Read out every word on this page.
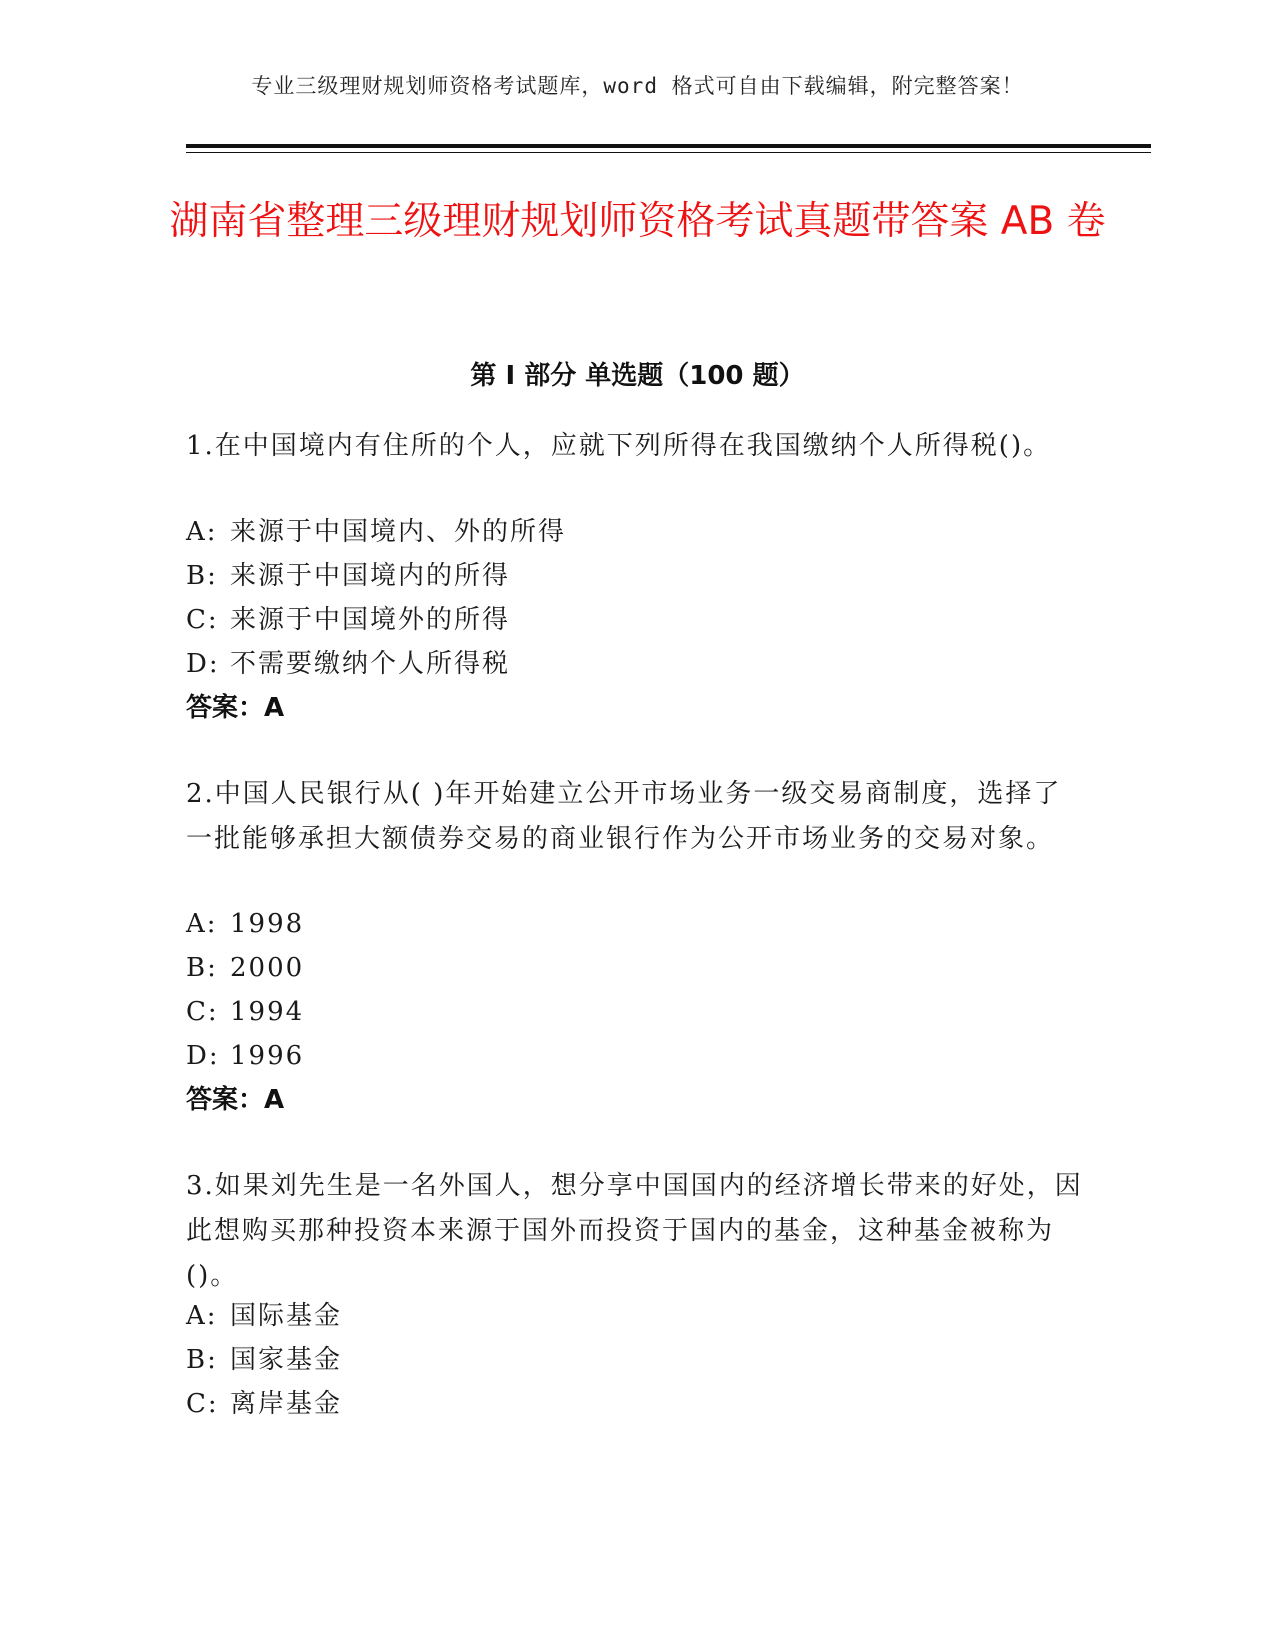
专业三级理财规划师资格考试题库，word 格式可自由下载编辑，附完整答案！
湖南省整理三级理财规划师资格考试真题带答案 AB 卷
第 I 部分 单选题（100 题）

1.在中国境内有住所的个人，应就下列所得在我国缴纳个人所得税()。

A: 来源于中国境内、外的所得
B: 来源于中国境内的所得
C: 来源于中国境外的所得
D: 不需要缴纳个人所得税
答案：A

2.中国人民银行从( )年开始建立公开市场业务一级交易商制度，选择了一批能够承担大额债券交易的商业银行作为公开市场业务的交易对象。

A: 1998
B: 2000
C: 1994
D: 1996
答案：A

3.如果刘先生是一名外国人，想分享中国国内的经济增长带来的好处，因此想购买那种投资本来源于国外而投资于国内的基金，这种基金被称为()。

A: 国际基金
B: 国家基金
C: 离岸基金
